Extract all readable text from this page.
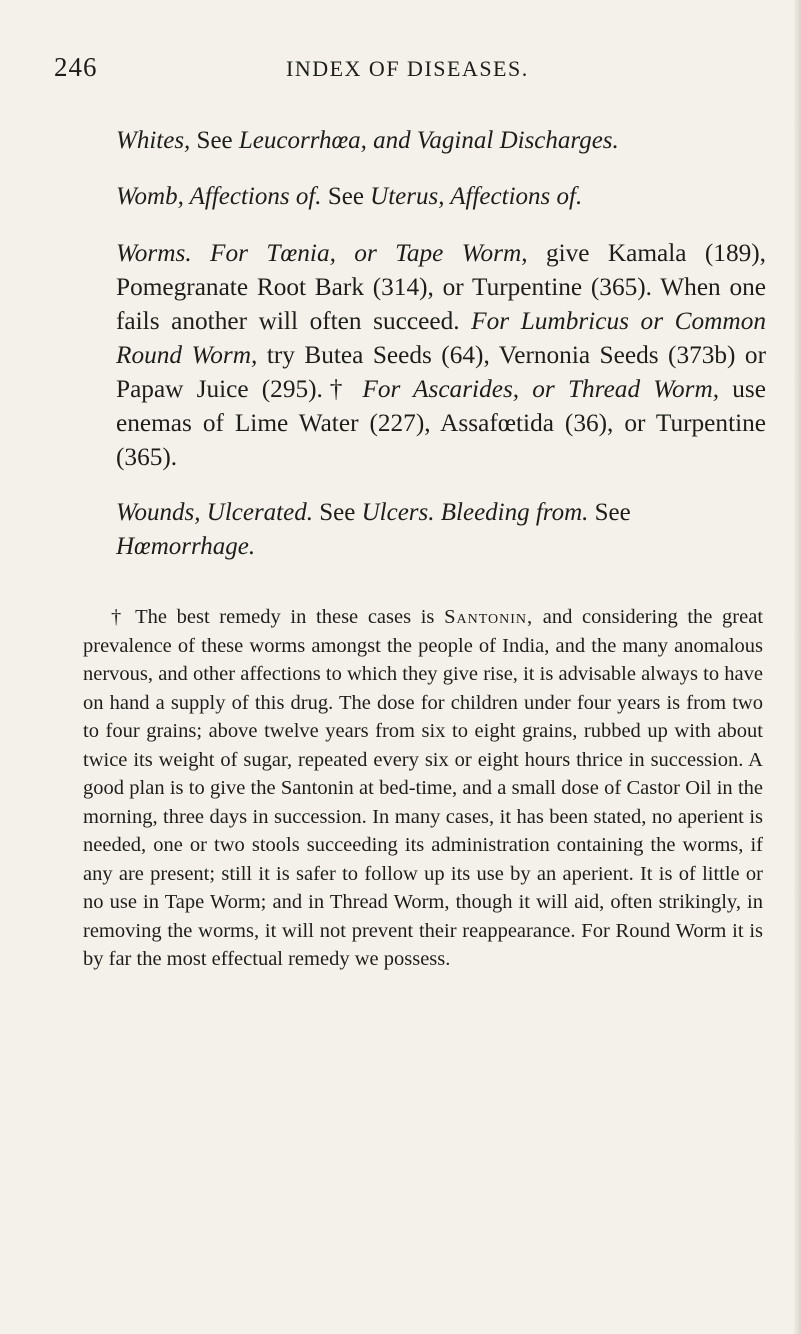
246	INDEX OF DISEASES.
Whites, See Leucorrhœa, and Vaginal Discharges.
Womb, Affections of. See Uterus, Affections of.
Worms. For Tœnia, or Tape Worm, give Kamala (189), Pomegranate Root Bark (314), or Turpentine (365). When one fails another will often succeed. For Lumbricus or Common Round Worm, try Butea Seeds (64), Vernonia Seeds (373b) or Papaw Juice (295).† For Ascarides, or Thread Worm, use enemas of Lime Water (227), Assafœtida (36), or Turpentine (365).
Wounds, Ulcerated. See Ulcers. Bleeding from. See Hœmorrhage.

† The best remedy in these cases is Santonin, and considering the great prevalence of these worms amongst the people of India, and the many anomalous nervous, and other affections to which they give rise, it is advisable always to have on hand a supply of this drug. The dose for children under four years is from two to four grains; above twelve years from six to eight grains, rubbed up with about twice its weight of sugar, repeated every six or eight hours thrice in succession. A good plan is to give the Santonin at bed-time, and a small dose of Castor Oil in the morning, three days in succession. In many cases, it has been stated, no aperient is needed, one or two stools succeeding its administration containing the worms, if any are present; still it is safer to follow up its use by an aperient. It is of little or no use in Tape Worm; and in Thread Worm, though it will aid, often strikingly, in removing the worms, it will not prevent their reappearance. For Round Worm it is by far the most effectual remedy we possess.
